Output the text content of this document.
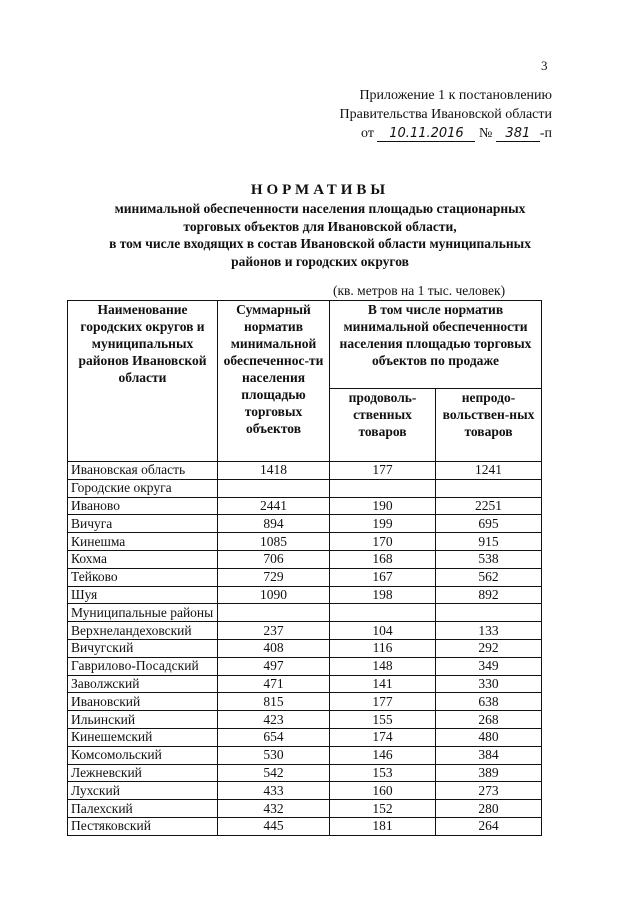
3
Приложение 1 к постановлению
Правительства Ивановской области
от 10.11.2016 № 381 -п
НОРМАТИВЫ
минимальной обеспеченности населения площадью стационарных
торговых объектов для Ивановской области,
в том числе входящих в состав Ивановской области муниципальных
районов и городских округов
(кв. метров на 1 тыс. человек)
Наименование городских округов и муниципальных районов Ивановской области	Суммарный норматив минимальной обеспеченнос-ти населения площадью торговых объектов	В том числе норматив минимальной обеспеченности населения площадью торговых объектов по продаже	
		продоволь-ственных товаров	непродо-вольствен-ных товаров
Ивановская область	1418	177	1241
Городские округа			
Иваново	2441	190	2251
Вичуга	894	199	695
Кинешма	1085	170	915
Кохма	706	168	538
Тейково	729	167	562
Шуя	1090	198	892
Муниципальные районы			
Верхнеландеховский	237	104	133
Вичугский	408	116	292
Гаврилово-Посадский	497	148	349
Заволжский	471	141	330
Ивановский	815	177	638
Ильинский	423	155	268
Кинешемский	654	174	480
Комсомольский	530	146	384
Лежневский	542	153	389
Лухский	433	160	273
Палехский	432	152	280
Пестяковский	445	181	264
